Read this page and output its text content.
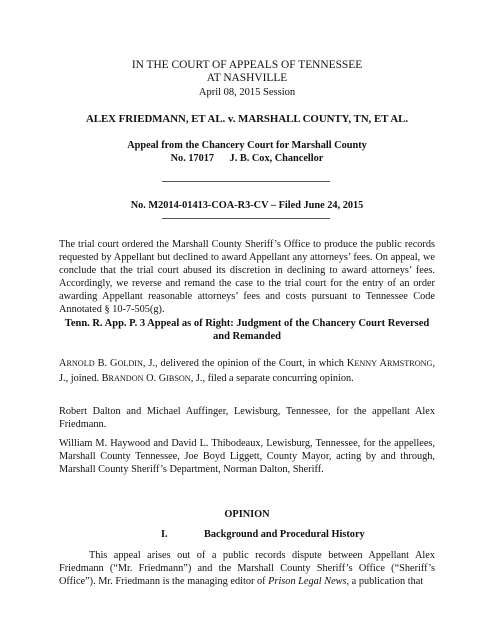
IN THE COURT OF APPEALS OF TENNESSEE
AT NASHVILLE
April 08, 2015 Session
ALEX FRIEDMANN, ET AL. v. MARSHALL COUNTY, TN, ET AL.
Appeal from the Chancery Court for Marshall County
No. 17017 J. B. Cox, Chancellor
No. M2014-01413-COA-R3-CV – Filed June 24, 2015
The trial court ordered the Marshall County Sheriff’s Office to produce the public records requested by Appellant but declined to award Appellant any attorneys’ fees. On appeal, we conclude that the trial court abused its discretion in declining to award attorneys’ fees. Accordingly, we reverse and remand the case to the trial court for the entry of an order awarding Appellant reasonable attorneys’ fees and costs pursuant to Tennessee Code Annotated § 10-7-505(g).
Tenn. R. App. P. 3 Appeal as of Right: Judgment of the Chancery Court Reversed
and Remanded
ARNOLD B. GOLDIN, J., delivered the opinion of the Court, in which KENNY ARMSTRONG, J., joined. BRANDON O. GIBSON, J., filed a separate concurring opinion.
Robert Dalton and Michael Auffinger, Lewisburg, Tennessee, for the appellant Alex Friedmann.
William M. Haywood and David L. Thibodeaux, Lewisburg, Tennessee, for the appellees, Marshall County Tennessee, Joe Boyd Liggett, County Mayor, acting by and through, Marshall County Sheriff’s Department, Norman Dalton, Sheriff.
OPINION
I.	Background and Procedural History
This appeal arises out of a public records dispute between Appellant Alex Friedmann (“Mr. Friedmann”) and the Marshall County Sheriff’s Office (“Sheriff’s Office”). Mr. Friedmann is the managing editor of Prison Legal News, a publication that
